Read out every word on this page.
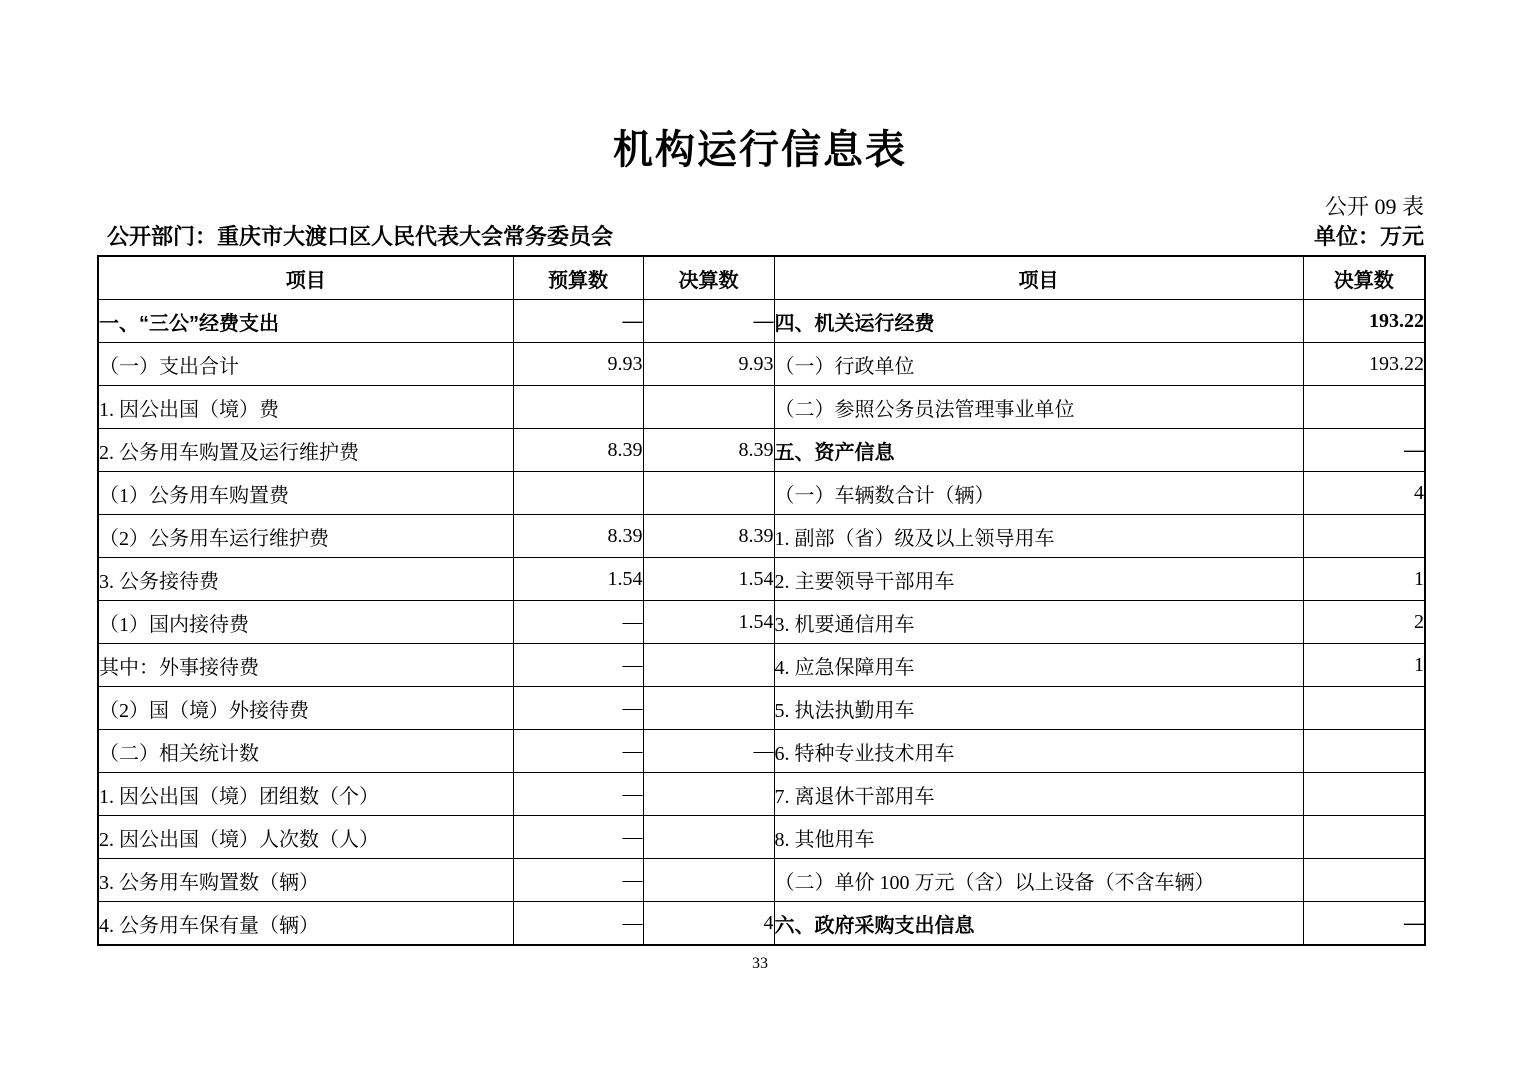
机构运行信息表
公开 09 表
公开部门：重庆市大渡口区人民代表大会常务委员会	单位：万元
项目	预算数	决算数	项目	决算数
一、“三公”经费支出	—	—	四、机关运行经费	193.22
（一）支出合计	9.93	9.93	（一）行政单位	193.22
1. 因公出国（境）费			（二）参照公务员法管理事业单位	
2. 公务用车购置及运行维护费	8.39	8.39	五、资产信息	—
（1）公务用车购置费			（一）车辆数合计（辆）	4
（2）公务用车运行维护费	8.39	8.39	1. 副部（省）级及以上领导用车	
3. 公务接待费	1.54	1.54	2. 主要领导干部用车	1
（1）国内接待费	—	1.54	3. 机要通信用车	2
其中：外事接待费	—		4. 应急保障用车	1
（2）国（境）外接待费	—		5. 执法执勤用车	
（二）相关统计数	—	—	6. 特种专业技术用车	
1. 因公出国（境）团组数（个）	—		7. 离退休干部用车	
2. 因公出国（境）人次数（人）	—		8. 其他用车	
3. 公务用车购置数（辆）	—		（二）单价 100 万元（含）以上设备（不含车辆）	
4. 公务用车保有量（辆）	—	4	六、政府采购支出信息	—
33
